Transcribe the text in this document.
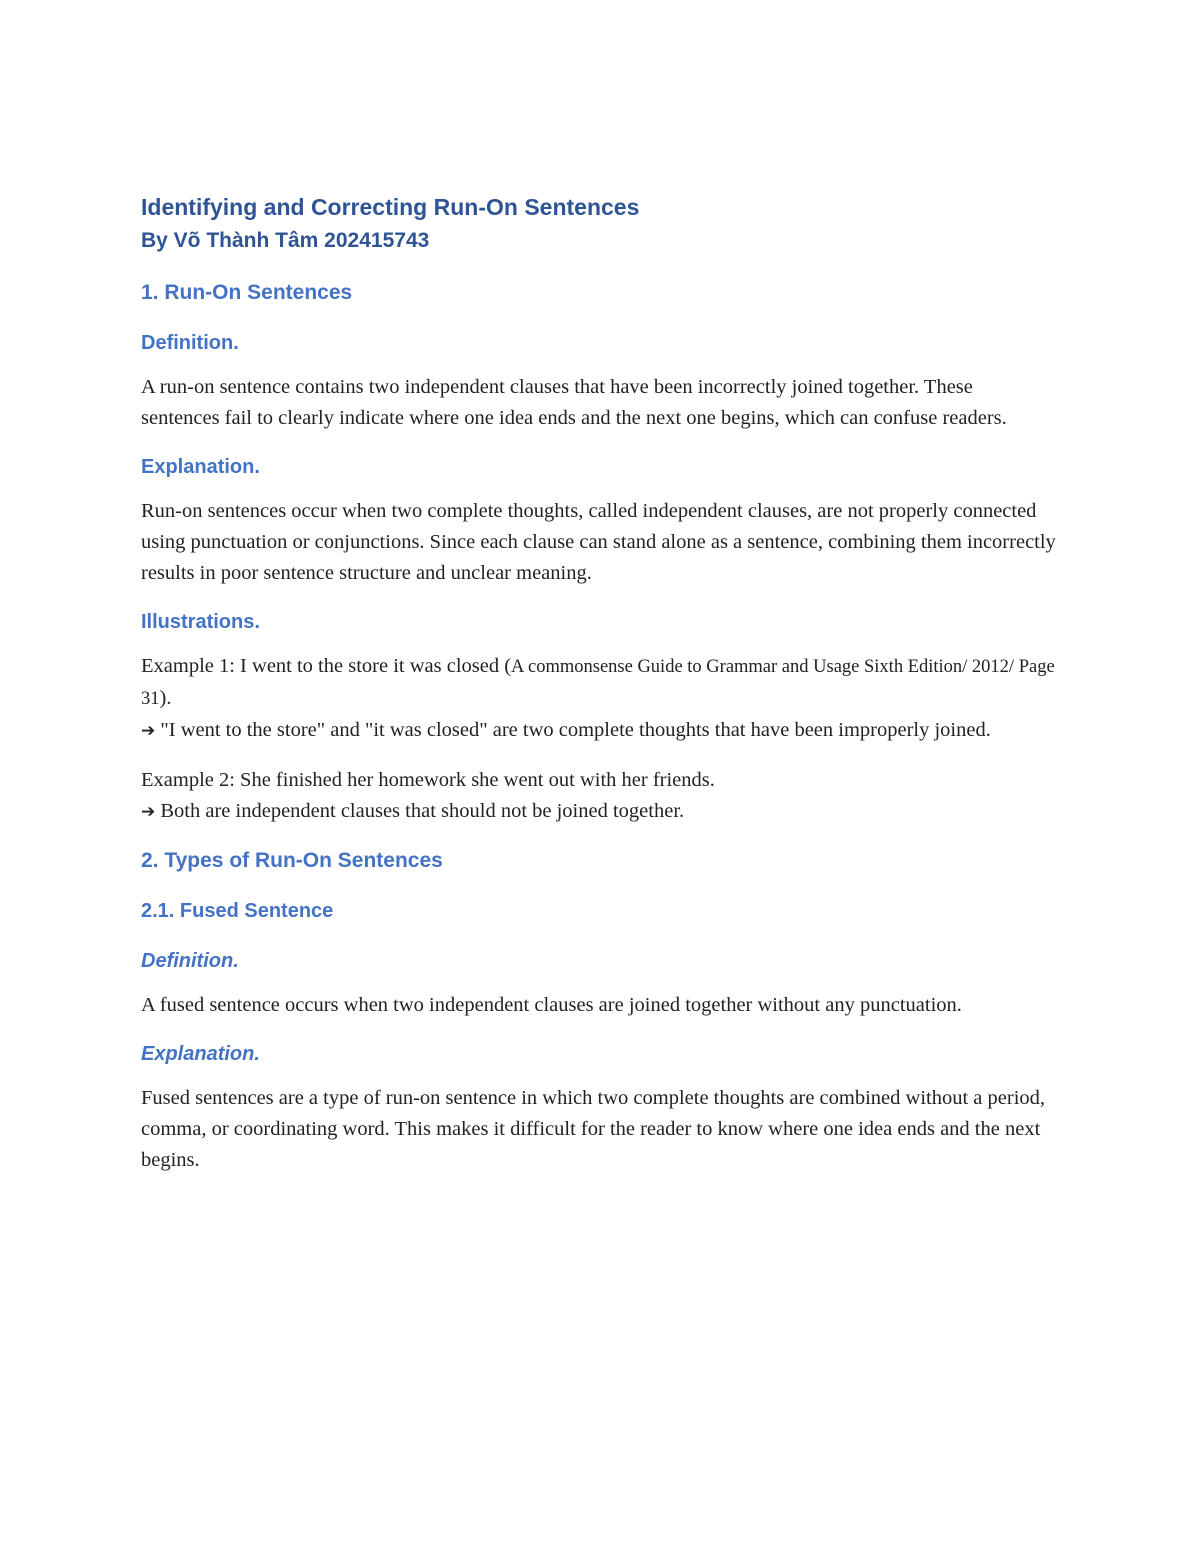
Identifying and Correcting Run-On Sentences
By Võ Thành Tâm 202415743
1. Run-On Sentences
Definition.

A run-on sentence contains two independent clauses that have been incorrectly joined together. These sentences fail to clearly indicate where one idea ends and the next one begins, which can confuse readers.

Explanation.

Run-on sentences occur when two complete thoughts, called independent clauses, are not properly connected using punctuation or conjunctions. Since each clause can stand alone as a sentence, combining them incorrectly results in poor sentence structure and unclear meaning.

Illustrations.

Example 1: I went to the store it was closed (A commonsense Guide to Grammar and Usage Sixth Edition/ 2012/ Page 31).
➔ "I went to the store" and "it was closed" are two complete thoughts that have been improperly joined.

Example 2: She finished her homework she went out with her friends.
➔ Both are independent clauses that should not be joined together.

2. Types of Run-On Sentences
2.1. Fused Sentence
Definition.

A fused sentence occurs when two independent clauses are joined together without any punctuation.

Explanation.

Fused sentences are a type of run-on sentence in which two complete thoughts are combined without a period, comma, or coordinating word. This makes it difficult for the reader to know where one idea ends and the next begins.
